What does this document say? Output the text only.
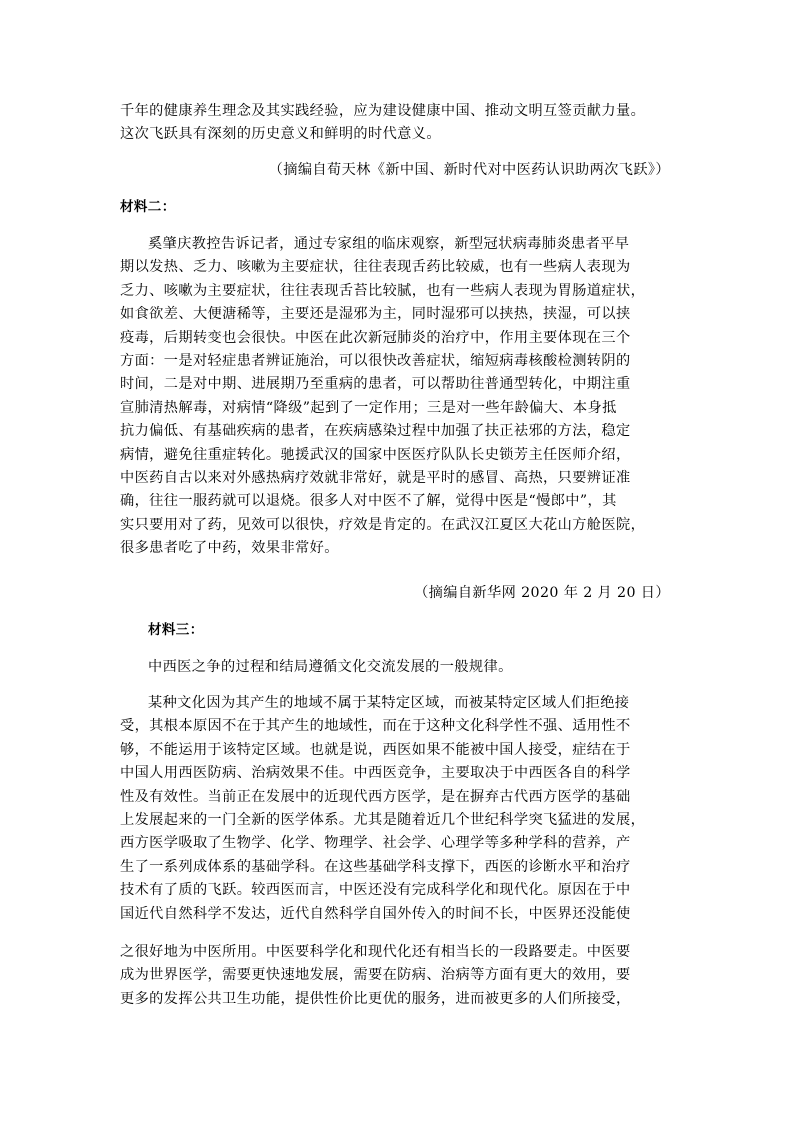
千年的健康养生理念及其实践经验，应为建设健康中国、推动文明互签贡献力量。
这次飞跃具有深刻的历史意义和鲜明的时代意义。
（摘编自荀天林《新中国、新时代对中医药认识助两次飞跃》）
材料二：
奚肇庆教控告诉记者，通过专家组的临床观察，新型冠状病毒肺炎患者平早
期以发热、乏力、咳嗽为主要症状，往往表现舌药比较威，也有一些病人表现为
乏力、咳嗽为主要症状，往往表现舌苔比较腻，也有一些病人表现为胃肠道症状，
如食欲差、大便溏稀等，主要还是湿邪为主，同时湿邪可以挟热，挟湿，可以挟
疫毒，后期转变也会很快。中医在此次新冠肺炎的治疗中，作用主要体现在三个
方面：一是对轻症患者辨证施治，可以很快改善症状，缩短病毒核酸检测转阴的
时间，二是对中期、进展期乃至重病的患者，可以帮助往普通型转化，中期注重
宣肺清热解毒，对病情“降级”起到了一定作用；三是对一些年龄偏大、本身抵
抗力偏低、有基础疾病的患者，在疾病感染过程中加强了扶正祛邪的方法，稳定
病情，避免往重症转化。驰援武汉的国家中医医疗队队长史锁芳主任医师介绍，
中医药自古以来对外感热病疗效就非常好，就是平时的感冒、高热，只要辨证准
确，往往一服药就可以退烧。很多人对中医不了解，觉得中医是“慢郎中”，其
实只要用对了药，见效可以很快，疗效是肯定的。在武汉江夏区大花山方舱医院，
很多患者吃了中药，效果非常好。
（摘编自新华网 2020 年 2 月 20 日）
材料三：
中西医之争的过程和结局遵循文化交流发展的一般规律。
某种文化因为其产生的地域不属于某特定区域，而被某特定区域人们拒绝接
受，其根本原因不在于其产生的地域性，而在于这种文化科学性不强、适用性不
够，不能运用于该特定区域。也就是说，西医如果不能被中国人接受，症结在于
中国人用西医防病、治病效果不佳。中西医竞争，主要取决于中西医各自的科学
性及有效性。当前正在发展中的近现代西方医学，是在摒弃古代西方医学的基础
上发展起来的一门全新的医学体系。尤其是随着近几个世纪科学突飞猛进的发展，
西方医学吸取了生物学、化学、物理学、社会学、心理学等多种学科的营养，产
生了一系列成体系的基础学科。在这些基础学科支撑下，西医的诊断水平和治疗
技术有了质的飞跃。较西医而言，中医还没有完成科学化和现代化。原因在于中
国近代自然科学不发达，近代自然科学自国外传入的时间不长，中医界还没能使
之很好地为中医所用。中医要科学化和现代化还有相当长的一段路要走。中医要
成为世界医学，需要更快速地发展，需要在防病、治病等方面有更大的效用，要
更多的发挥公共卫生功能，提供性价比更优的服务，进而被更多的人们所接受，
